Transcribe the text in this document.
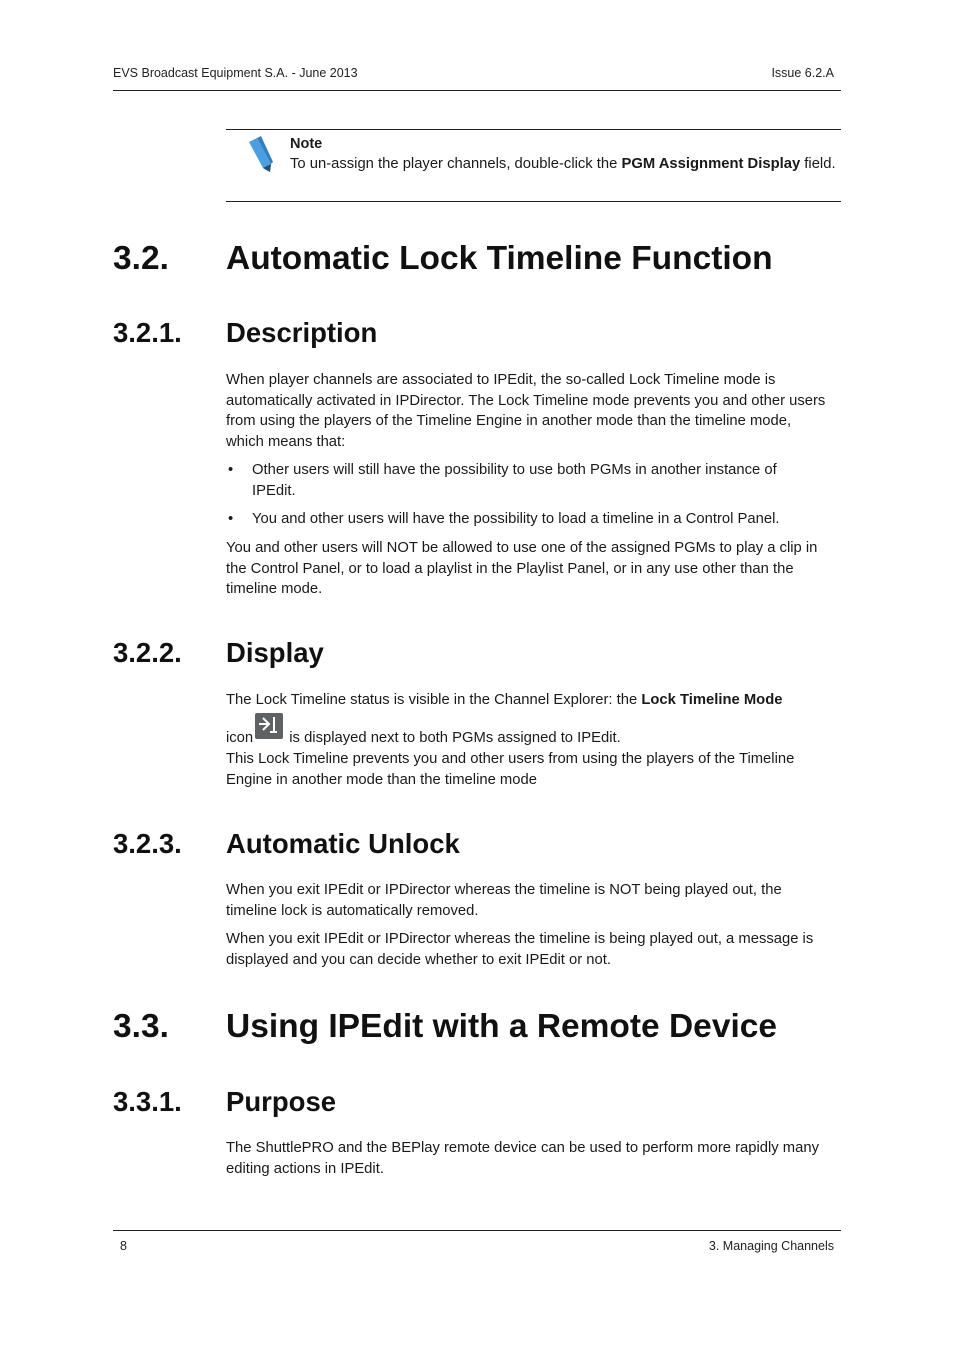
EVS Broadcast Equipment S.A. - June 2013	Issue 6.2.A
Note
To un-assign the player channels, double-click the PGM Assignment Display field.
3.2. Automatic Lock Timeline Function
3.2.1. Description

When player channels are associated to IPEdit, the so-called Lock Timeline mode is automatically activated in IPDirector. The Lock Timeline mode prevents you and other users from using the players of the Timeline Engine in another mode than the timeline mode, which means that:

• Other users will still have the possibility to use both PGMs in another instance of IPEdit.

• You and other users will have the possibility to load a timeline in a Control Panel.

You and other users will NOT be allowed to use one of the assigned PGMs to play a clip in the Control Panel, or to load a playlist in the Playlist Panel, or in any use other than the timeline mode.

3.2.2. Display

The Lock Timeline status is visible in the Channel Explorer: the Lock Timeline Mode

icon is displayed next to both PGMs assigned to IPEdit.

This Lock Timeline prevents you and other users from using the players of the Timeline Engine in another mode than the timeline mode

3.2.3. Automatic Unlock

When you exit IPEdit or IPDirector whereas the timeline is NOT being played out, the timeline lock is automatically removed.

When you exit IPEdit or IPDirector whereas the timeline is being played out, a message is displayed and you can decide whether to exit IPEdit or not.

3.3. Using IPEdit with a Remote Device
3.3.1. Purpose

The ShuttlePRO and the BEPlay remote device can be used to perform more rapidly many editing actions in IPEdit.

8	3. Managing Channels
